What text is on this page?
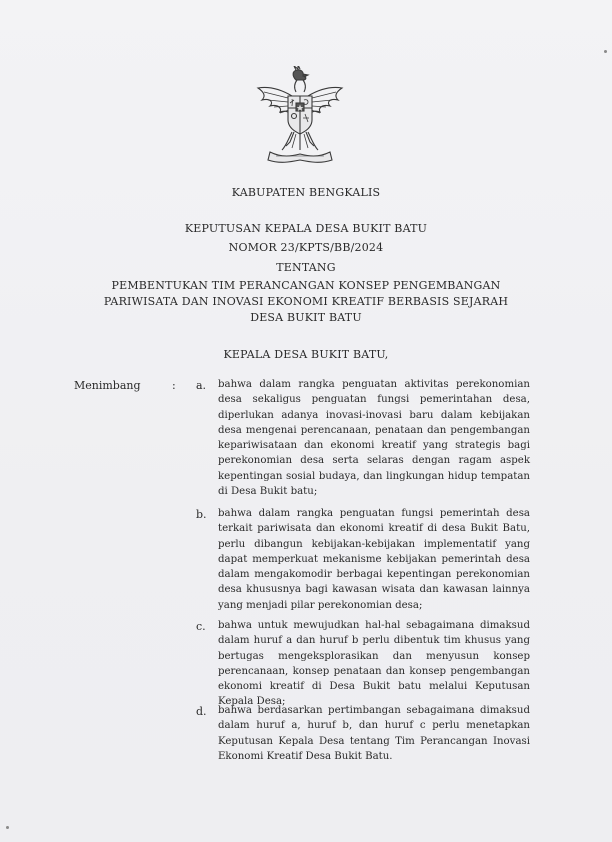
KABUPATEN BENGKALIS
KEPUTUSAN KEPALA DESA BUKIT BATU
NOMOR 23/KPTS/BB/2024
TENTANG
PEMBENTUKAN TIM PERANCANGAN KONSEP PENGEMBANGAN
PARIWISATA DAN INOVASI EKONOMI KREATIF BERBASIS SEJARAH
DESA BUKIT BATU
KEPALA DESA BUKIT BATU,
Menimbang	: a. bahwa dalam rangka penguatan aktivitas perekonomian desa sekaligus penguatan fungsi pemerintahan desa, diperlukan adanya inovasi-inovasi baru dalam kebijakan desa mengenai perencanaan, penataan dan pengembangan kepariwisataan dan ekonomi kreatif yang strategis bagi perekonomian desa serta selaras dengan ragam aspek kepentingan sosial budaya, dan lingkungan hidup tempatan di Desa Bukit batu;

b. bahwa dalam rangka penguatan fungsi pemerintah desa terkait pariwisata dan ekonomi kreatif di desa Bukit Batu, perlu dibangun kebijakan-kebijakan implementatif yang dapat memperkuat mekanisme kebijakan pemerintah desa dalam mengakomodir berbagai kepentingan perekonomian desa khususnya bagi kawasan wisata dan kawasan lainnya yang menjadi pilar perekonomian desa;

c. bahwa untuk mewujudkan hal-hal sebagaimana dimaksud dalam huruf a dan huruf b perlu dibentuk tim khusus yang bertugas mengeksplorasikan dan menyusun konsep perencanaan, konsep penataan dan konsep pengembangan ekonomi kreatif di Desa Bukit batu melalui Keputusan Kepala Desa;

d. bahwa berdasarkan pertimbangan sebagaimana dimaksud dalam huruf a, huruf b, dan huruf c perlu menetapkan Keputusan Kepala Desa tentang Tim Perancangan Inovasi Ekonomi Kreatif Desa Bukit Batu.
